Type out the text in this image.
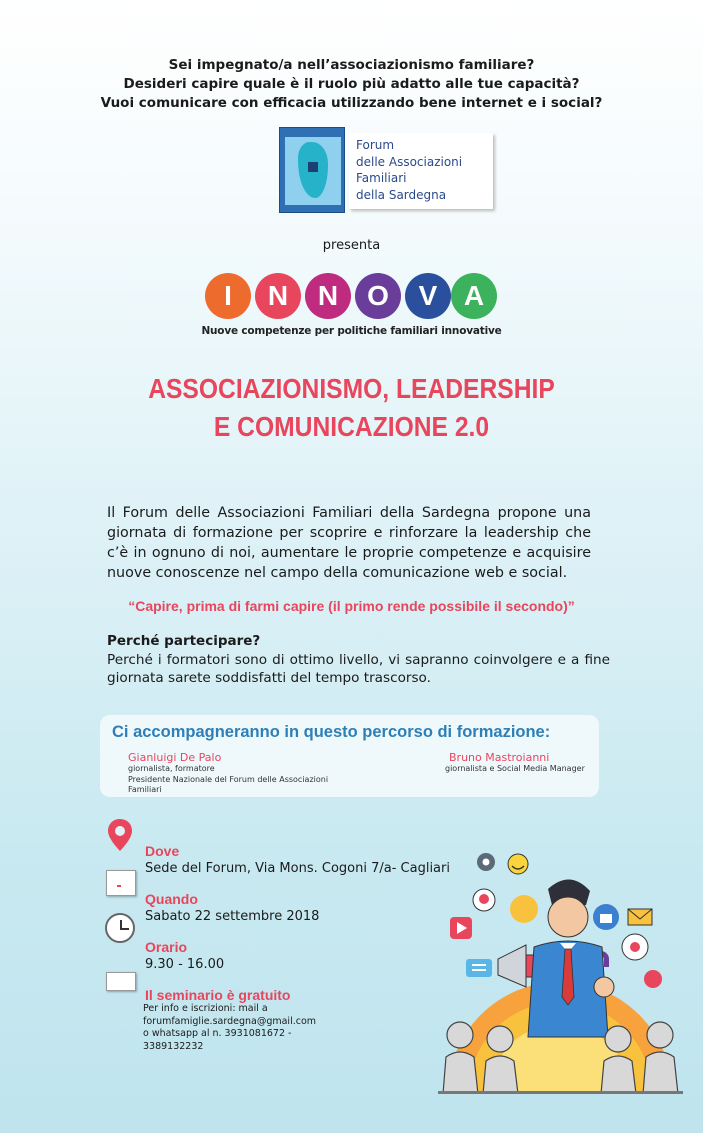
Sei impegnato/a nell’associazionismo familiare?
Desideri capire quale è il ruolo più adatto alle tue capacità?
Vuoi comunicare con efficacia utilizzando bene internet e i social?
Forum
delle Associazioni
Familiari
della Sardegna
presenta
I	N	N	O	V A
Nuove competenze per politiche familiari innovative
ASSOCIAZIONISMO, LEADERSHIP
E COMUNICAZIONE 2.0
Il Forum delle Associazioni Familiari della Sardegna propone una
giornata di formazione per scoprire e rinforzare la leadership che
c’è in ognuno di noi, aumentare le proprie competenze e acquisire
nuove conoscenze nel campo della comunicazione web e social.
“Capire, prima di farmi capire (il primo rende possibile il secondo)”
Perché partecipare?
Perché i formatori sono di ottimo livello, vi sapranno coinvolgere e a fine
giornata sarete soddisfatti del tempo trascorso.
Ci accompagneranno in questo percorso di formazione:
Gianluigi De Palo
giornalista, formatore
Presidente Nazionale del Forum delle Associazioni
Familiari
Bruno Mastroianni
giornalista e Social Media Manager
Dove
Sede del Forum, Via Mons. Cogoni 7/a- Cagliari
Quando
Sabato 22 settembre 2018
Orario
9.30 - 16.00
Il seminario è gratuito
Per info e iscrizioni: mail a
forumfamiglie.sardegna@gmail.com
o whatsapp al n. 3931081672 -
3389132232
